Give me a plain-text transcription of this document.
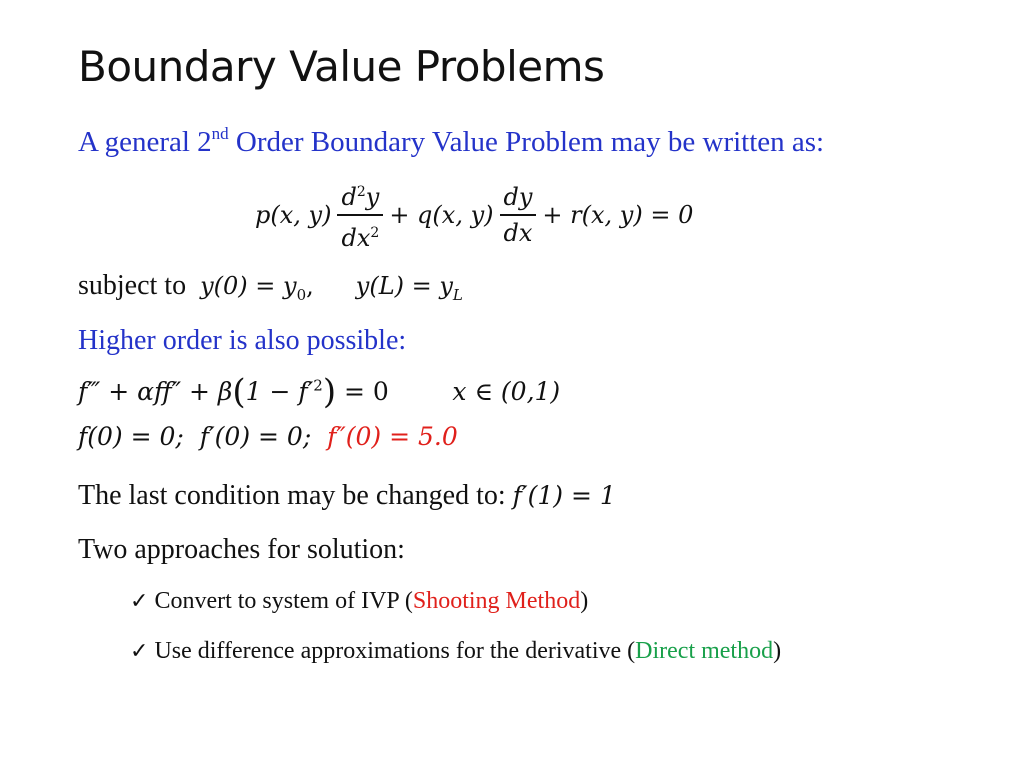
Boundary Value Problems
A general 2nd Order Boundary Value Problem may be written as:
p(x, $y) \frac{d^2y}{dx^2} + q(x$, $y) \frac{dy}{dx} + r(x$, y) = 0
subject to $y(0) = y_0$, $y(L) = y_L$
Higher order is also possible:
f‴ + $\alpha ff'' + \beta(1 - f'^2) = 0$	x ∈ (0,1)
f(0) = 0; f′(0) = 0; f″(0) = 5.0
The last condition may be changed to: f′(1) = 1
Two approaches for solution:
✓ Convert to system of IVP (Shooting Method)
✓ Use difference approximations for the derivative (Direct method)
